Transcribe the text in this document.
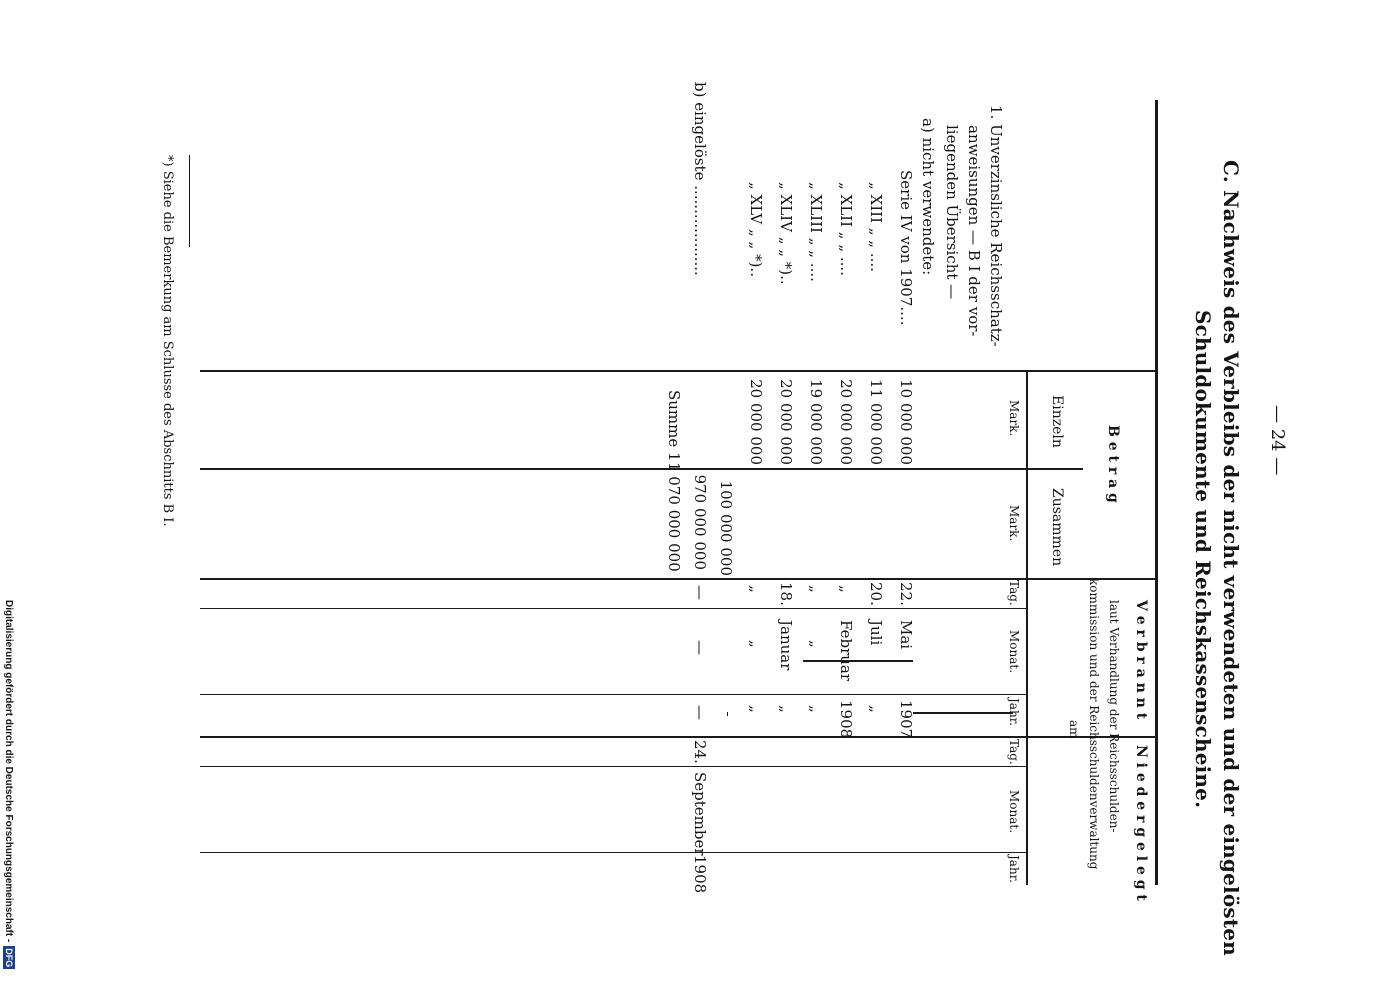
— 24 —
C. Nachweis des Verbleibs der nicht verwendeten und der eingelösten
Schuldokumente und Reichskassenscheine.
B e t r a g
Einzeln
Zusammen
Mark.
Mark.
V e r b r a n n t
N i e d e r g e l e g t
laut Verhandlung der Reichsschulden-
kommission und der Reichsschuldenverwaltung
am
Tag.
Monat.
Jahr.
Tag.
Monat.
Jahr.
1. Unverzinsliche Reichsschatz-
anweisungen — B I der vor-
liegenden Übersicht —
a) nicht verwendete:
Serie IV von 1907....
10 000 000
22.
Mai
1907
„ XIII „ „ ....
11 000 000
20.
Juli
„
„ XLII „ „ ....
20 000 000
„
Februar
1908
„ XLIII „ „ ....
19 000 000
„
„
„
„ XLIV „ „ *)..
20 000 000
18.
Januar
„
„ XLV „ „ *)..
20 000 000
„
„
„
100 000 000
b) eingelöste ...................
970 000 000
—
—
—
24.
September
1908
Summe 1
1 070 000 000
*) Siehe die Bemerkung am Schlusse des Abschnitts B I.
Digitalisierung gefördert durch die Deutsche Forschungsgemeinschaft -DFG
